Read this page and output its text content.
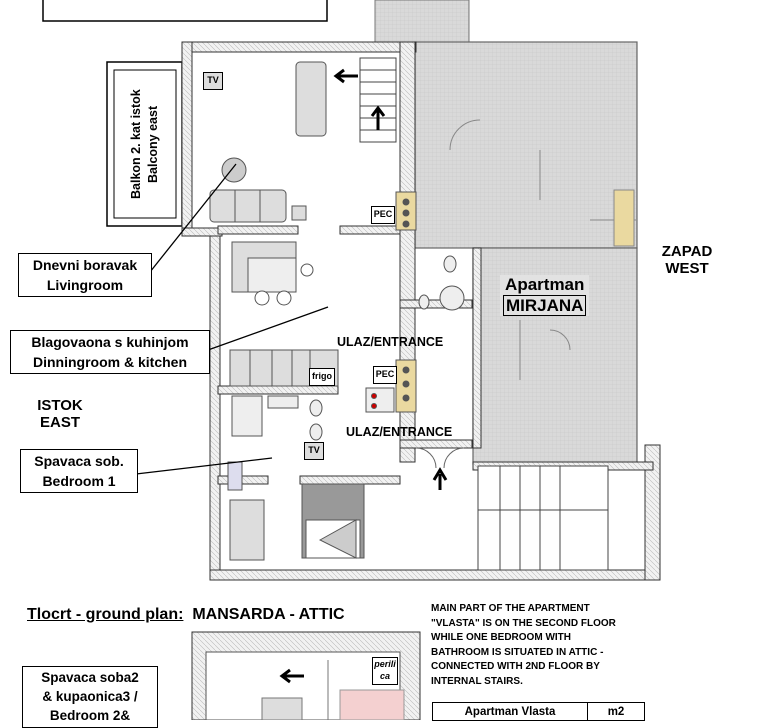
Balkon 2. kat istok Balcony east
Dnevni boravak
Livingroom
Blagovaona s kuhinjom
Dinningroom & kitchen
Spavaca sob.
Bedroom 1
ISTOK
EAST
ZAPAD
WEST
Apartman
MIRJANA
ULAZ/ENTRANCE
ULAZ/ENTRANCE
TV
TV
PEC
PEC
frigo
Tlocrt - ground plan: MANSARDA - ATTIC
Spavaca soba2
& kupaonica3 /
Bedroom 2&
perili
ca
MAIN PART OF THE APARTMENT
"VLASTA" IS ON THE SECOND FLOOR
WHILE ONE BEDROOM WITH
BATHROOM IS SITUATED IN ATTIC -
CONNECTED WITH 2ND FLOOR BY
INTERNAL STAIRS.
Apartman Vlasta	m2
